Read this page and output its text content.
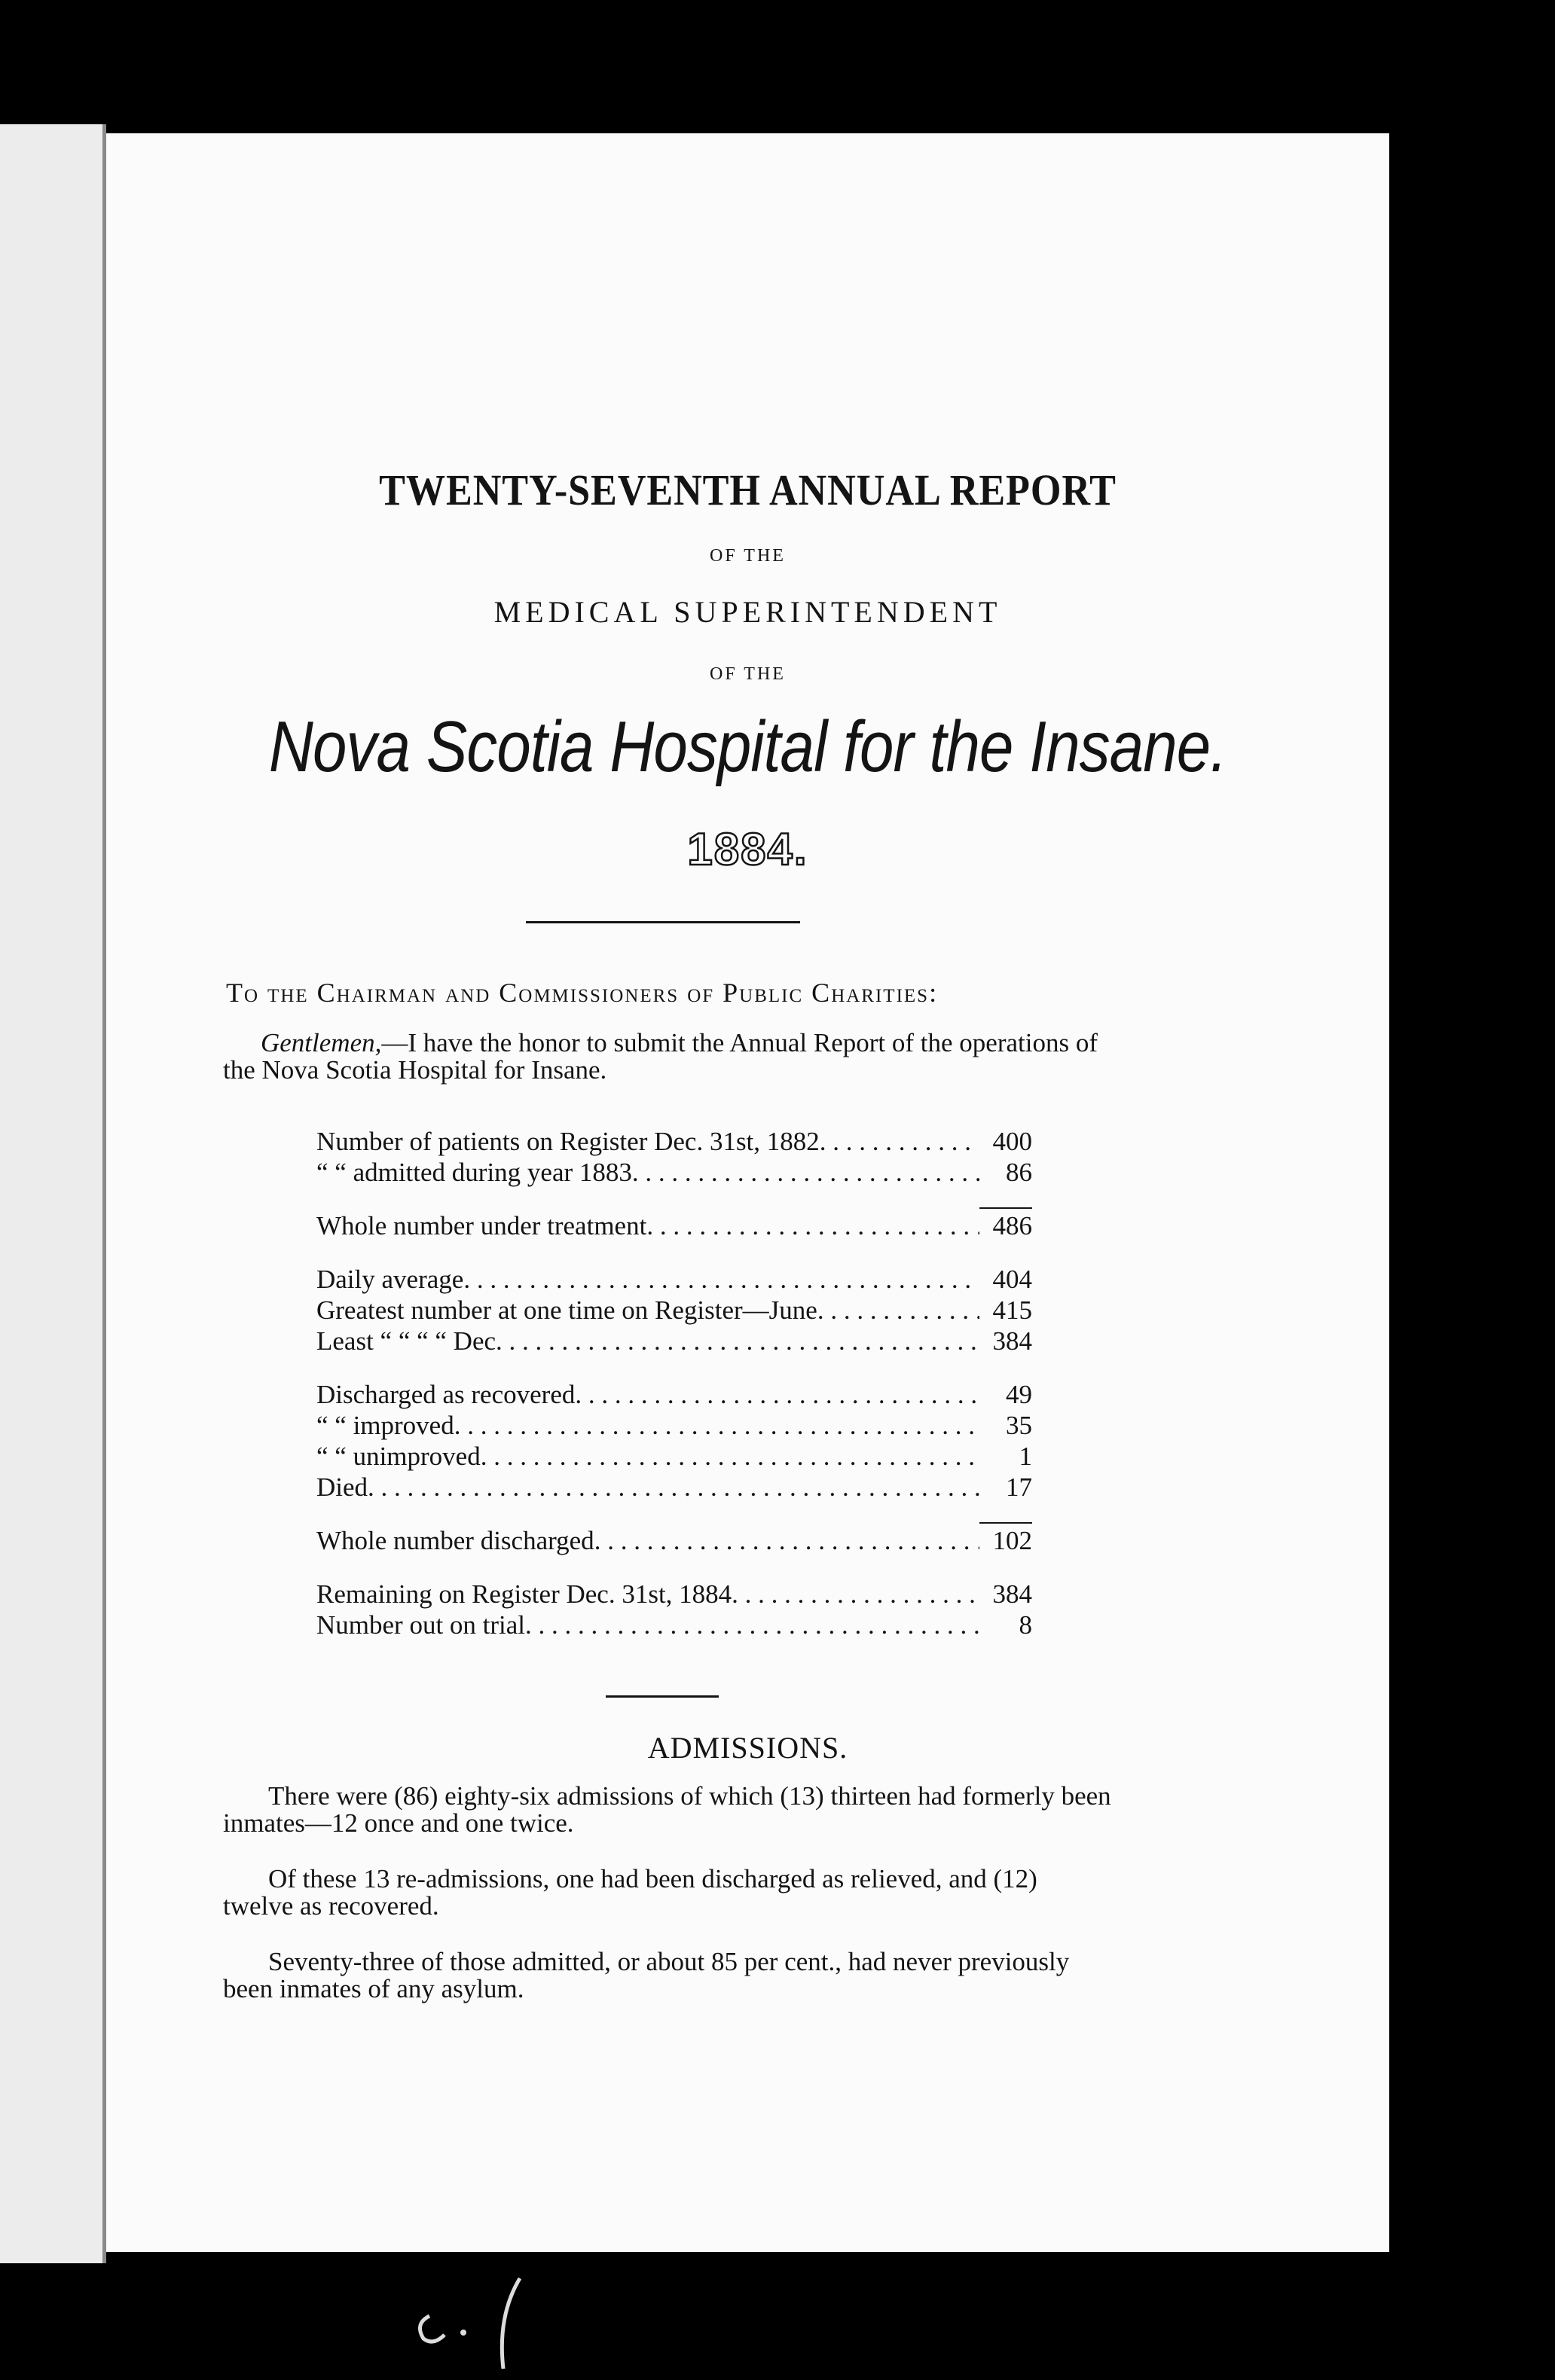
TWENTY-SEVENTH ANNUAL REPORT
OF THE
MEDICAL SUPERINTENDENT
OF THE
Nova Scotia Hospital for the Insane.
1884.
To the Chairman and Commissioners of Public Charities:
Gentlemen,—I have the honor to submit the Annual Report of the operations of the Nova Scotia Hospital for Insane.
Number of patients on Register Dec. 31st, 1882 . . .	400
“ “ admitted during year 1883 . . .	86
Whole number under treatment . . .	486
Daily average . . .	404
Greatest number at one time on Register—June . . .	415
Least “ “ “ “ Dec . . .	384
Discharged as recovered . . .	49
“ “ improved . . .	35
“ “ unimproved . . .	1
Died . . .	17
Whole number discharged . . .	102
Remaining on Register Dec. 31st, 1884 . . .	384
Number out on trial . . .	8
ADMISSIONS.
There were (86) eighty-six admissions of which (13) thirteen had formerly been inmates—12 once and one twice.
Of these 13 re-admissions, one had been discharged as relieved, and (12) twelve as recovered.
Seventy-three of those admitted, or about 85 per cent., had never previously been inmates of any asylum.
